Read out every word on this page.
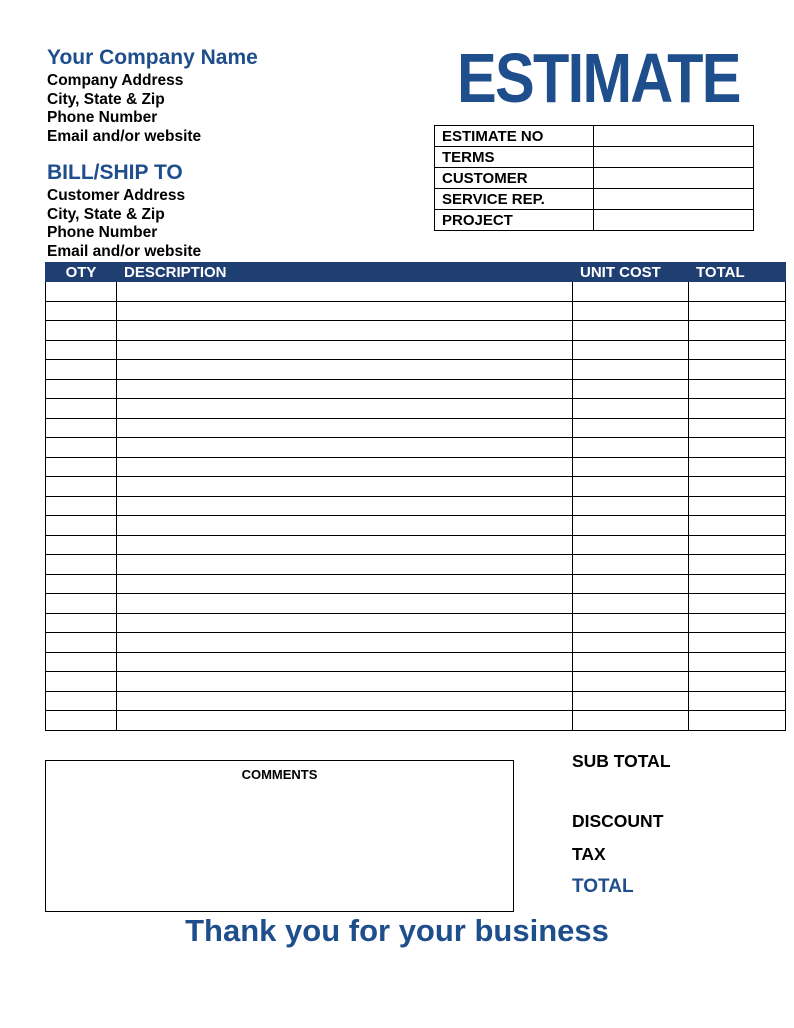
Your Company Name
Company Address
City, State & Zip
Phone Number
Email and/or website
BILL/SHIP TO
Customer Address
City, State & Zip
Phone Number
Email and/or website
ESTIMATE
ESTIMATE NO	
TERMS	
CUSTOMER	
SERVICE REP.	
PROJECT	
OTY	DESCRIPTION	UNIT COST	TOTAL

COMMENTS
SUB TOTAL
DISCOUNT
TAX
TOTAL
Thank you for your business
